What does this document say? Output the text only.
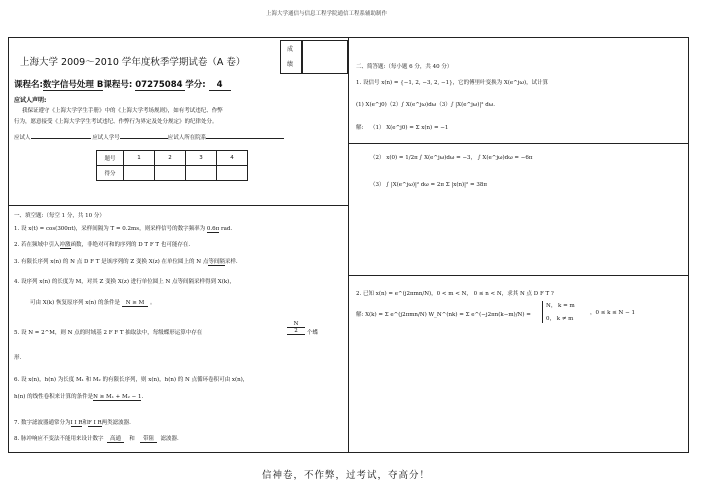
上海大学通信与信息工程学院通信工程系辅助制作
成
绩
上海大学 2009～2010 学年度秋季学期试卷（A 卷）
课程名:数字信号处理 B课程号: 07275084 学分: 4
应试人声明:
我保证遵守《上海大学学生手册》中的《上海大学考场规则》，如有考试违纪、作弊
行为，愿意接受《上海大学学生考试违纪、作弊行为界定及处分规定》的纪律处分。
应试人	应试人学号	应试人所在院系
题号	1	2	3	4
得分				
一、填空题:（每空 1 分，共 10 分）
1. 设 x(t) = cos(300πt)，采样间隔为 T = 0.2ms，则采样信号的数字频率为 0.6π rad.
2. 若在频域中引入冲激函数，非绝对可和的序列的 D T F T 也可能存在.
3. 有限长序列 x(n) 的 N 点 D F T 是该序列的 Z 变换 X(z) 在单位圆上的 N 点等间隔采样.
4. 设序列 x(n) 的长度为 M，对其 Z 变换 X(z) 进行单位圆上 N 点等间隔采样得到 X(k)，
可由 X(k) 恢复原序列 x(n) 的条件是 N ≥ M 。
5. 设 N = 2^M，则 N 点的时域基 2 F F T 抽取法中，每级蝶形运算中存在	$\frac{N}{2}$ 个蝶
形.
6. 设 x(n)，h(n) 为长度 M₁ 和 M₂ 的有限长序列，则 x(n)，h(n) 的 N 点循环卷积可由 x(n)，
h(n) 的线性卷积来计算的条件是N ≥ M₁ + M₂ − 1.
7. 数字滤波器通常分为I I R和F I R两类滤波器.
8. 脉冲响应不变法不能用来设计数字 高通 和 带阻 滤波器.
二、简答题:（每小题 6 分，共 40 分）
1. 设信号 x(n) = {−1, 2, −3, 2, −1}，它的傅里叶变换为 X(e^jω)，试计算
(1) X(e^j0)（2）∫ X(e^jω)dω（3）∫ |X(e^jω)|² dω.
解: （1） X(e^j0) = Σ x(n) = −1
（2） x(0) = 1/2π ∫ X(e^jω)dω = −3， ∫ X(e^jω)dω = −6π
（3） ∫ |X(e^jω)|² dω = 2π Σ |x(n)|² = 38π
2. 已知 x(n) = e^(j2πmn/N)，0 < m < N， 0 ≤ n < N，求其 N 点 D F T ?
解: X(k) = Σ e^(j2πmn/N) W_N^(nk) = Σ e^(−j2πn(k−m)/N) =
N， k = m
0， k ≠ m
，0 ≤ k ≤ N − 1
信神卷，不作弊，过考试，夺高分！
